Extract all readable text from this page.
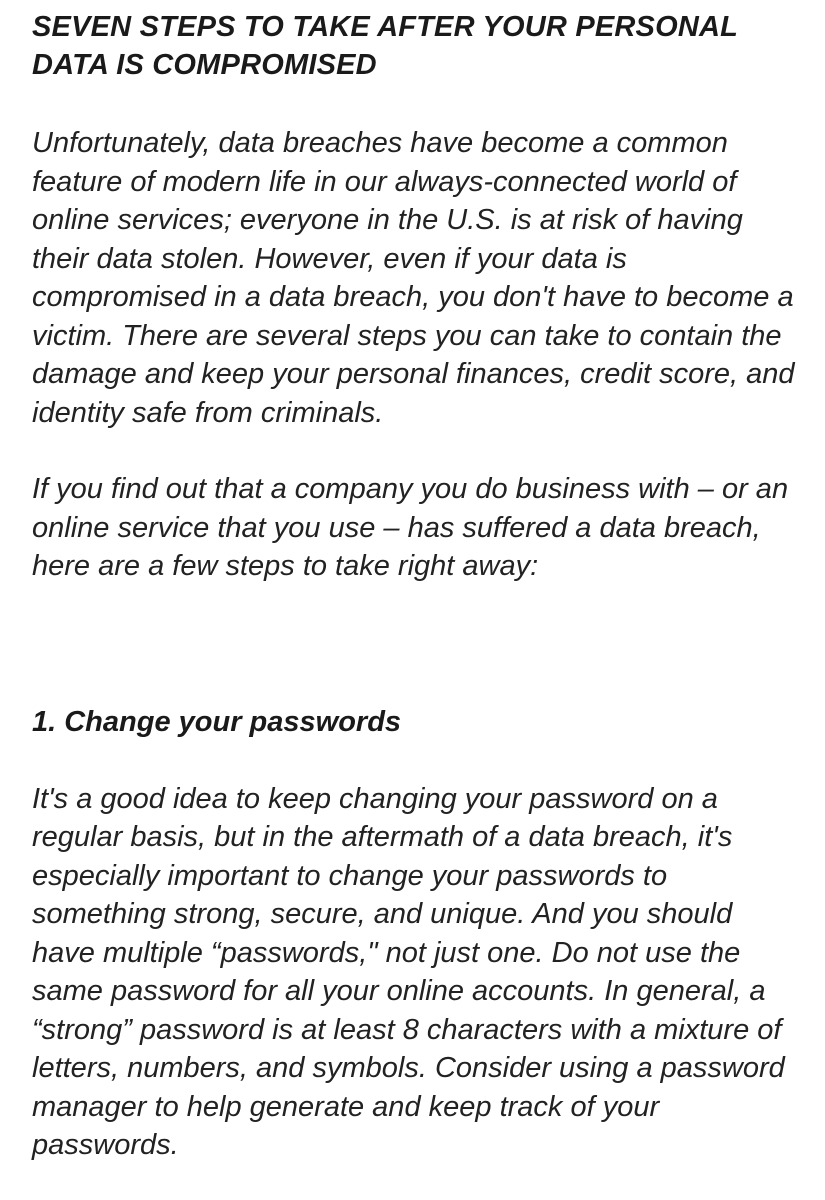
SEVEN STEPS TO TAKE AFTER YOUR PERSONAL DATA IS COMPROMISED

Unfortunately, data breaches have become a common feature of modern life in our always-connected world of online services; everyone in the U.S. is at risk of having their data stolen. However, even if your data is compromised in a data breach, you don't have to become a victim. There are several steps you can take to contain the damage and keep your personal finances, credit score, and identity safe from criminals.

If you find out that a company you do business with – or an online service that you use – has suffered a data breach, here are a few steps to take right away:

1. Change your passwords

It's a good idea to keep changing your password on a regular basis, but in the aftermath of a data breach, it's especially important to change your passwords to something strong, secure, and unique. And you should have multiple “passwords," not just one. Do not use the same password for all your online accounts. In general, a “strong” password is at least 8 characters with a mixture of letters, numbers, and symbols. Consider using a password manager to help generate and keep track of your passwords.
